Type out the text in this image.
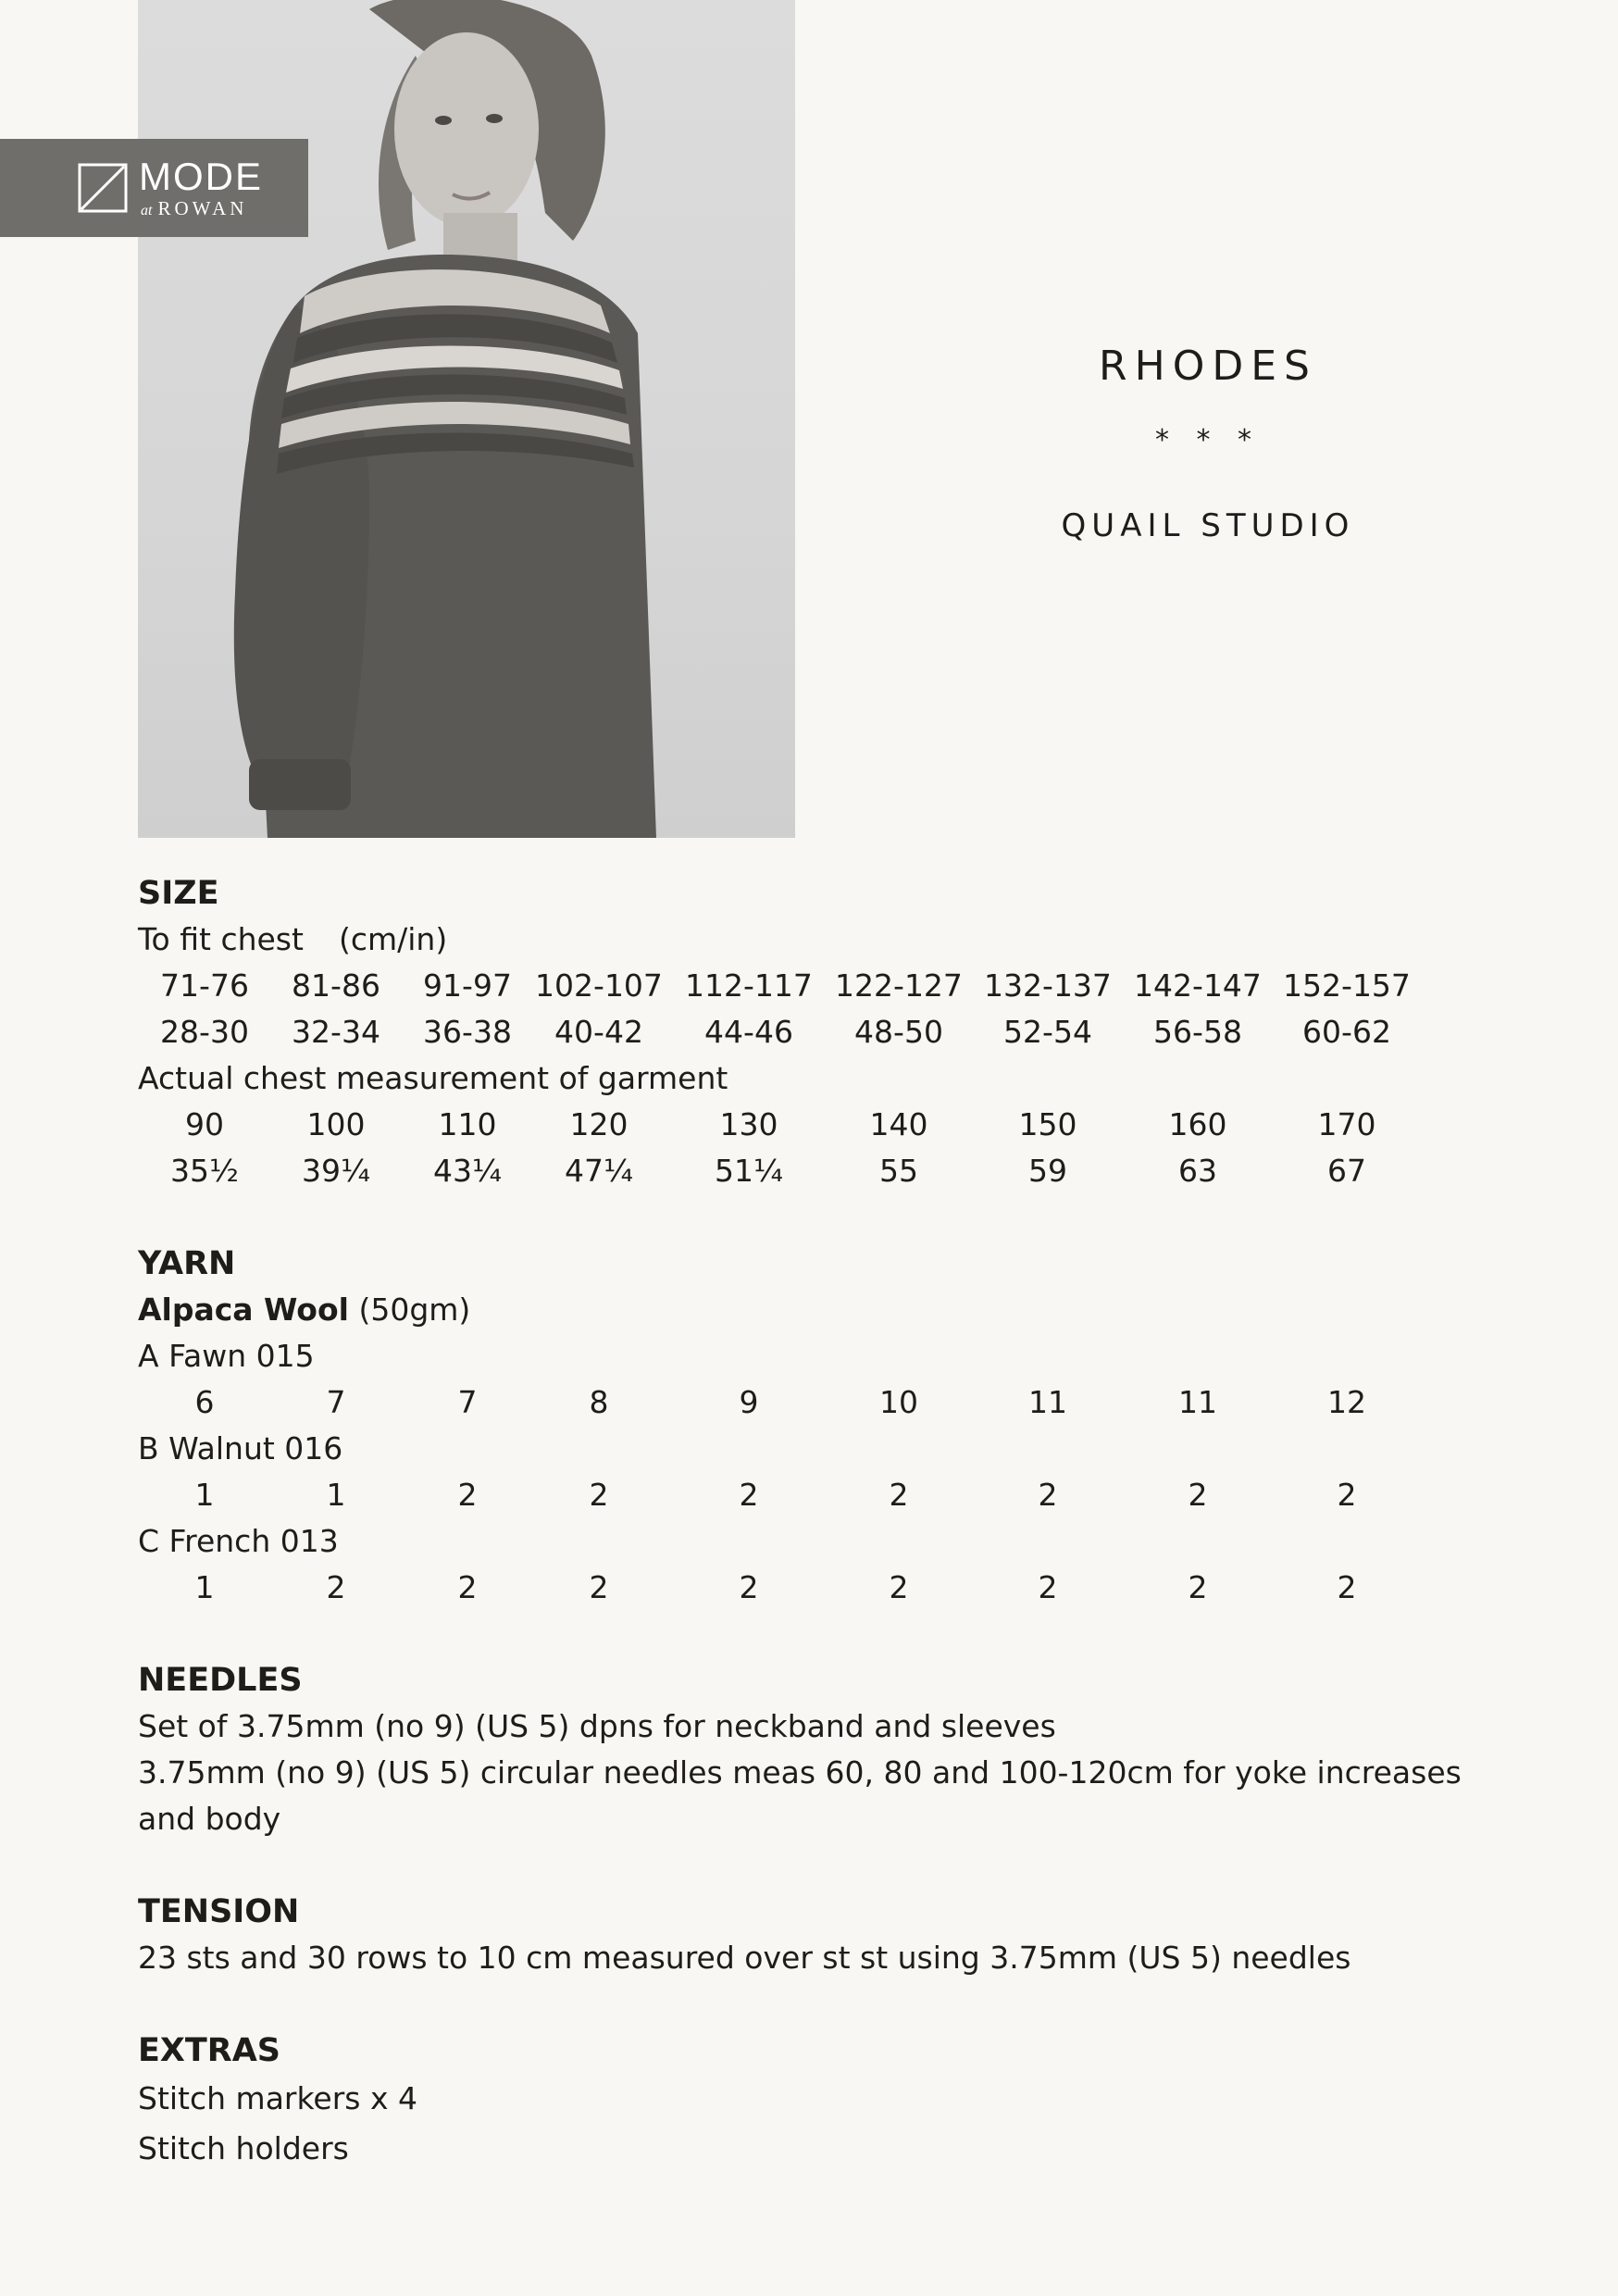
MODE
at ROWAN
RHODES
* * *
QUAIL STUDIO
SIZE
To fit chest (cm/in)
71-76	81-86	91-97 102-107 112-117 122-127 132-137 142-147 152-157
28-30	32-34	36-38	40-42	44-46	48-50	52-54	56-58	60-62
Actual chest measurement of garment
90	100	110	120	130	140	150	160	170
35½	39¼	43¼	47¼	51¼	55	59	63	67
YARN
Alpaca Wool (50gm)
A Fawn 015
6	7	7	8	9	10	11	11	12
B Walnut 016
1	1	2	2	2	2	2	2	2
C French 013
1	2	2	2	2	2	2	2	2
NEEDLES
Set of 3.75mm (no 9) (US 5) dpns for neckband and sleeves
3.75mm (no 9) (US 5) circular needles meas 60, 80 and 100-120cm for yoke increases
and body
TENSION
23 sts and 30 rows to 10 cm measured over st st using 3.75mm (US 5) needles
EXTRAS
Stitch markers x 4
Stitch holders
